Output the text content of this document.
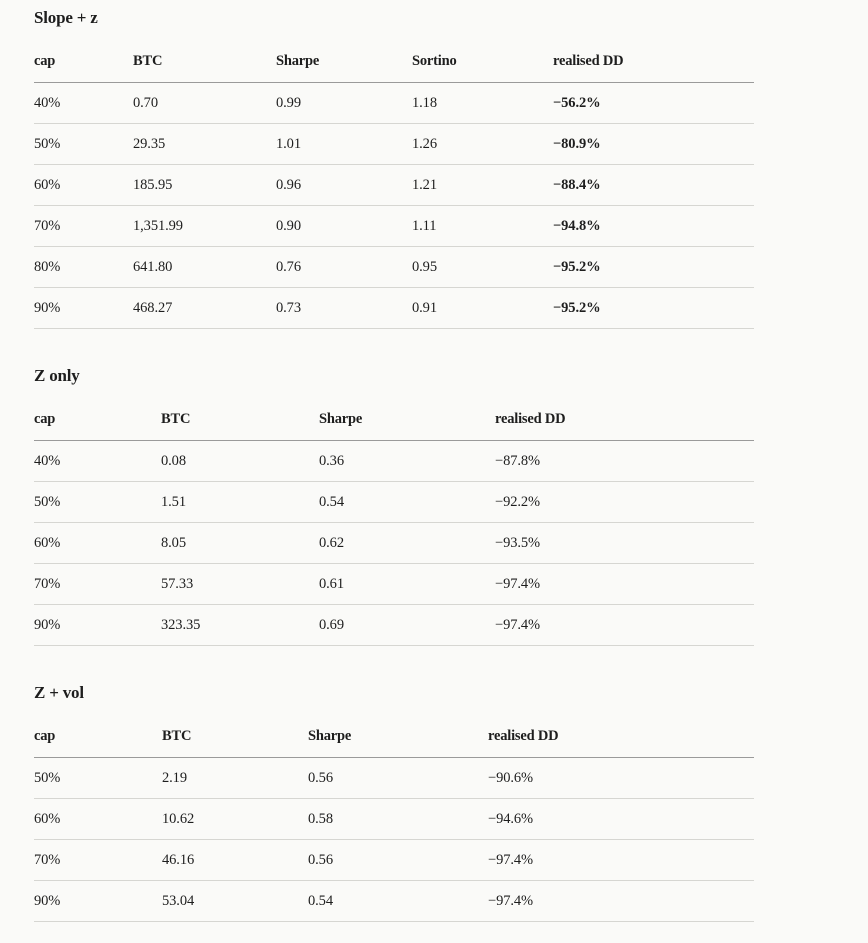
Slope + z
cap	BTC	Sharpe	Sortino	realised DD
40%	0.70	0.99	1.18	−56.2%
50%	29.35	1.01	1.26	−80.9%
60%	185.95	0.96	1.21	−88.4%
70%	1,351.99	0.90	1.11	−94.8%
80%	641.80	0.76	0.95	−95.2%
90%	468.27	0.73	0.91	−95.2%
Z only
cap	BTC	Sharpe	realised DD
40%	0.08	0.36	−87.8%
50%	1.51	0.54	−92.2%
60%	8.05	0.62	−93.5%
70%	57.33	0.61	−97.4%
90%	323.35	0.69	−97.4%
Z + vol
cap	BTC	Sharpe	realised DD
50%	2.19	0.56	−90.6%
60%	10.62	0.58	−94.6%
70%	46.16	0.56	−97.4%
90%	53.04	0.54	−97.4%
